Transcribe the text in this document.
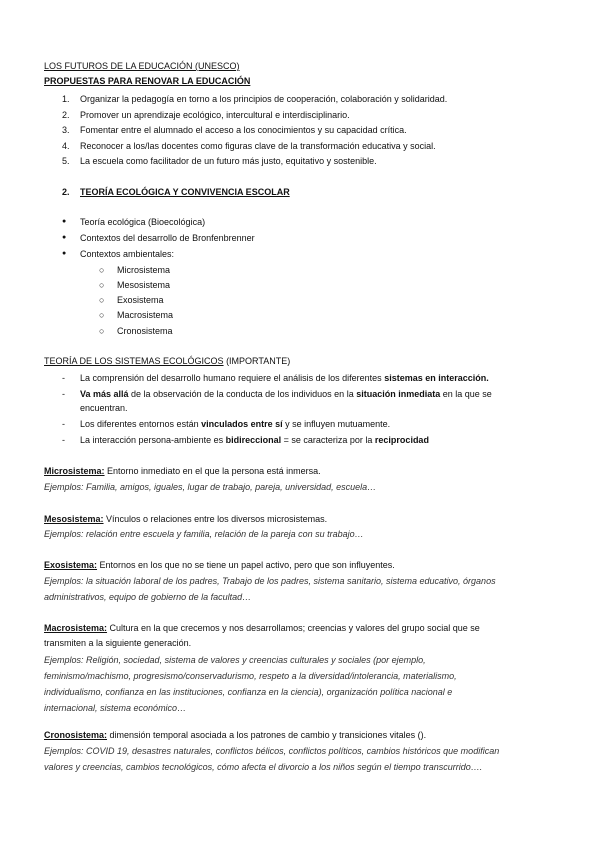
LOS FUTUROS DE LA EDUCACIÓN (UNESCO)
PROPUESTAS PARA RENOVAR LA EDUCACIÓN
1. Organizar la pedagogía en torno a los principios de cooperación, colaboración y solidaridad.
2. Promover un aprendizaje ecológico, intercultural e interdisciplinario.
3. Fomentar entre el alumnado el acceso a los conocimientos y su capacidad crítica.
4. Reconocer a los/las docentes como figuras clave de la transformación educativa y social.
5. La escuela como facilitador de un futuro más justo, equitativo y sostenible.
2. TEORÍA ECOLÓGICA Y CONVIVENCIA ESCOLAR
● Teoría ecológica (Bioecológica)
● Contextos del desarrollo de Bronfenbrenner
● Contextos ambientales:
○ Microsistema
○ Mesosistema
○ Exosistema
○ Macrosistema
○ Cronosistema
TEORÍA DE LOS SISTEMAS ECOLÓGICOS (IMPORTANTE)
- La comprensión del desarrollo humano requiere el análisis de los diferentes sistemas en interacción.
- Va más allá de la observación de la conducta de los individuos en la situación inmediata en la que se
encuentran.
- Los diferentes entornos están vinculados entre sí y se influyen mutuamente.
- La interacción persona-ambiente es bidireccional = se caracteriza por la reciprocidad
Microsistema: Entorno inmediato en el que la persona está inmersa.
Ejemplos: Familia, amigos, iguales, lugar de trabajo, pareja, universidad, escuela…
Mesosistema: Vínculos o relaciones entre los diversos microsistemas.
Ejemplos: relación entre escuela y familia, relación de la pareja con su trabajo…
Exosistema: Entornos en los que no se tiene un papel activo, pero que son influyentes.
Ejemplos: la situación laboral de los padres, Trabajo de los padres, sistema sanitario, sistema educativo, órganos
administrativos, equipo de gobierno de la facultad…
Macrosistema: Cultura en la que crecemos y nos desarrollamos; creencias y valores del grupo social que se
transmiten a la siguiente generación.
Ejemplos: Religión, sociedad, sistema de valores y creencias culturales y sociales (por ejemplo,
feminismo/machismo, progresismo/conservadurismo, respeto a la diversidad/intolerancia, materialismo,
individualismo, confianza en las instituciones, confianza en la ciencia), organización política nacional e
internacional, sistema económico…
Cronosistema: dimensión temporal asociada a los patrones de cambio y transiciones vitales ().
Ejemplos: COVID 19, desastres naturales, conflictos bélicos, conflictos políticos, cambios históricos que modifican
valores y creencias, cambios tecnológicos, cómo afecta el divorcio a los niños según el tiempo transcurrido….
